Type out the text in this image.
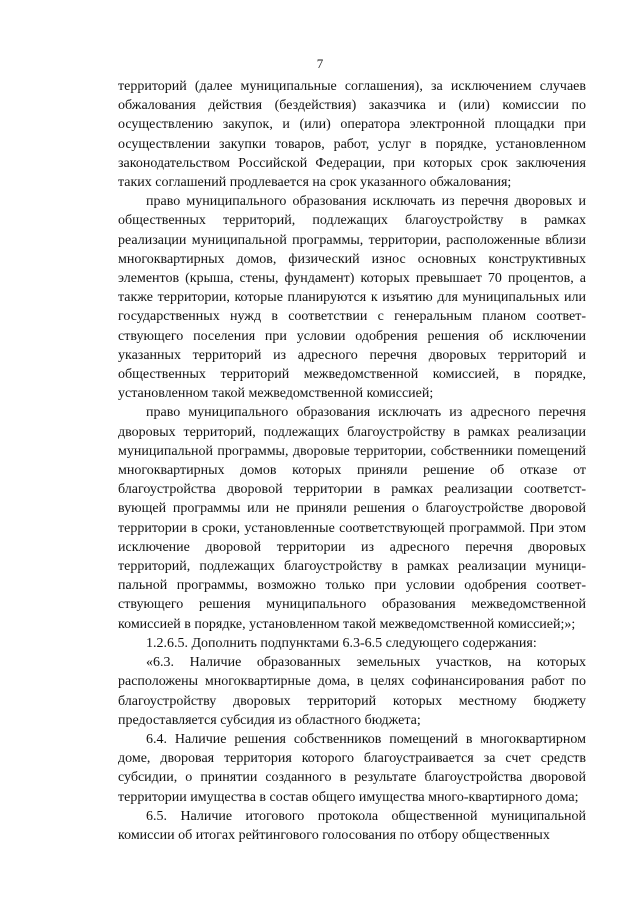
7

территорий (далее муниципальные соглашения), за исключением случаев обжалования действия (бездействия) заказчика и (или) комиссии по осуществлению закупок, и (или) оператора электронной площадки при осуществлении закупки товаров, работ, услуг в порядке, установленном законодательством Российской Федерации, при которых срок заключения таких соглашений продлевается на срок указанного обжалования;

право муниципального образования исключать из перечня дворовых и общественных территорий, подлежащих благоустройству в рамках реализации муниципальной программы, территории, расположенные вблизи многоквартирных домов, физический износ основных конструктивных элементов (крыша, стены, фундамент) которых превышает 70 процентов, а также территории, которые планируются к изъятию для муниципальных или государственных нужд в соответствии с генеральным планом соответ-ствующего поселения при условии одобрения решения об исключении указанных территорий из адресного перечня дворовых территорий и общественных территорий межведомственной комиссией, в порядке, установленном такой межведомственной комиссией;

право муниципального образования исключать из адресного перечня дворовых территорий, подлежащих благоустройству в рамках реализации муниципальной программы, дворовые территории, собственники помещений многоквартирных домов которых приняли решение об отказе от благоустройства дворовой территории в рамках реализации соответст-вующей программы или не приняли решения о благоустройстве дворовой территории в сроки, установленные соответствующей программой. При этом исключение дворовой территории из адресного перечня дворовых территорий, подлежащих благоустройству в рамках реализации муници-пальной программы, возможно только при условии одобрения соответ-ствующего решения муниципального образования межведомственной комиссией в порядке, установленном такой межведомственной комиссией;»;

1.2.6.5. Дополнить подпунктами 6.3-6.5 следующего содержания:

«6.3. Наличие образованных земельных участков, на которых расположены многоквартирные дома, в целях софинансирования работ по благоустройству дворовых территорий которых местному бюджету предоставляется субсидия из областного бюджета;

6.4. Наличие решения собственников помещений в многоквартирном доме, дворовая территория которого благоустраивается за счет средств субсидии, о принятии созданного в результате благоустройства дворовой территории имущества в состав общего имущества много-квартирного дома;

6.5. Наличие итогового протокола общественной муниципальной комиссии об итогах рейтингового голосования по отбору общественных
